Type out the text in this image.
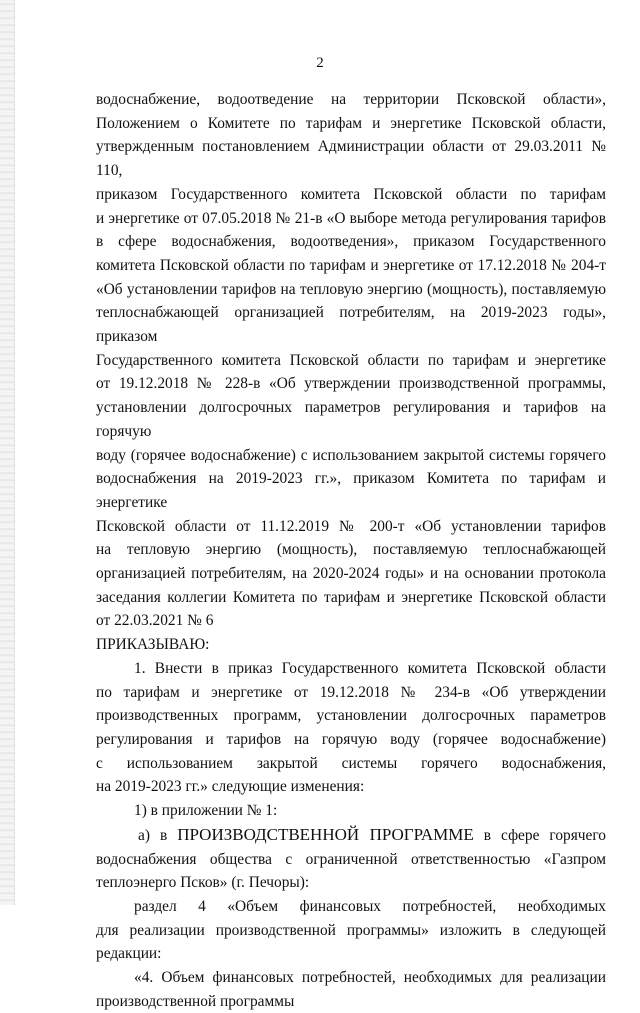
2

водоснабжение, водоотведение на территории Псковской области»,

Положением о Комитете по тарифам и энергетике Псковской области,

утвержденным постановлением Администрации области от 29.03.2011 № 110,

приказом Государственного комитета Псковской области по тарифам

и энергетике от 07.05.2018 № 21-в «О выборе метода регулирования тарифов

в сфере водоснабжения, водоотведения», приказом Государственного

комитета Псковской области по тарифам и энергетике от 17.12.2018 № 204-т

«Об установлении тарифов на тепловую энергию (мощность), поставляемую

теплоснабжающей организацией потребителям, на 2019-2023 годы», приказом

Государственного комитета Псковской области по тарифам и энергетике

от 19.12.2018 № 228-в «Об утверждении производственной программы,

установлении долгосрочных параметров регулирования и тарифов на горячую

воду (горячее водоснабжение) с использованием закрытой системы горячего

водоснабжения на 2019-2023 гг.», приказом Комитета по тарифам и энергетике

Псковской области от 11.12.2019 № 200-т «Об установлении тарифов

на тепловую энергию (мощность), поставляемую теплоснабжающей

организацией потребителям, на 2020-2024 годы» и на основании протокола

заседания коллегии Комитета по тарифам и энергетике Псковской области

от 22.03.2021 № 6

ПРИКАЗЫВАЮ:

1. Внести в приказ Государственного комитета Псковской области

по тарифам и энергетике от 19.12.2018 № 234-в «Об утверждении

производственных программ, установлении долгосрочных параметров

регулирования и тарифов на горячую воду (горячее водоснабжение)

с использованием закрытой системы горячего водоснабжения,

на 2019-2023 гг.» следующие изменения:

1) в приложении № 1:

а) в ПРОИЗВОДСТВЕННОЙ ПРОГРАММЕ в сфере горячего

водоснабжения общества с ограниченной ответственностью «Газпром

теплоэнерго Псков» (г. Печоры):

раздел 4 «Объем финансовых потребностей, необходимых

для реализации производственной программы» изложить в следующей

редакции:

«4. Объем финансовых потребностей, необходимых для реализации

производственной программы
